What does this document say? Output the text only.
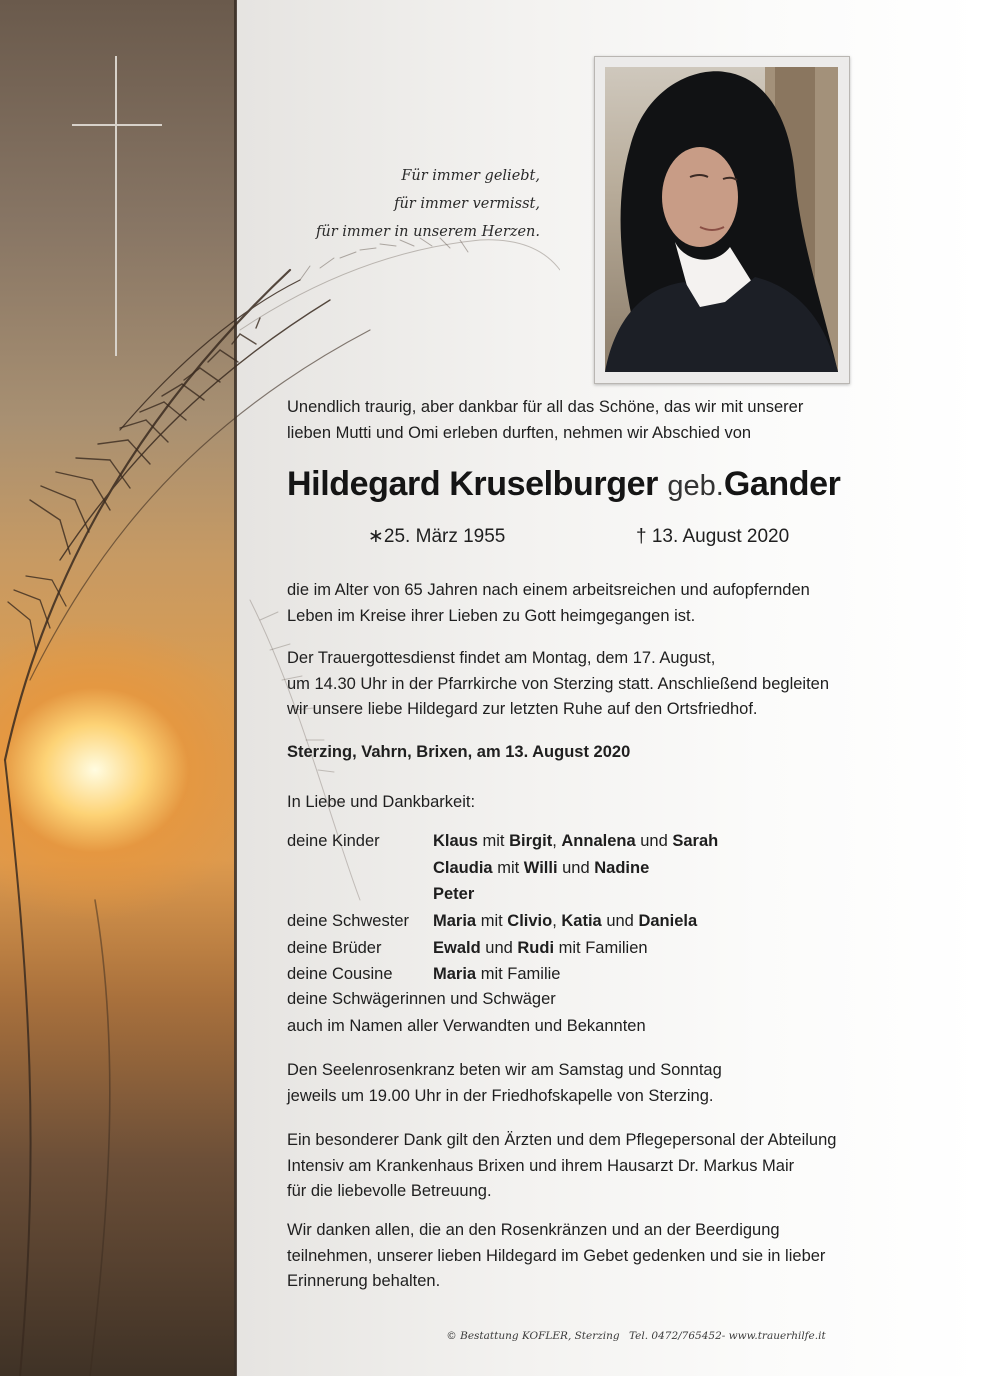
Für immer geliebt,
für immer vermisst,
für immer in unserem Herzen.
Unendlich traurig, aber dankbar für all das Schöne, das wir mit unserer
lieben Mutti und Omi erleben durften, nehmen wir Abschied von
Hildegard Kruselburger geb.Gander
∗25. März 1955	† 13. August 2020
die im Alter von 65 Jahren nach einem arbeitsreichen und aufopfernden
Leben im Kreise ihrer Lieben zu Gott heimgegangen ist.
Der Trauergottesdienst findet am Montag, dem 17. August,
um 14.30 Uhr in der Pfarrkirche von Sterzing statt. Anschließend begleiten
wir unsere liebe Hildegard zur letzten Ruhe auf den Ortsfriedhof.
Sterzing, Vahrn, Brixen, am 13. August 2020
In Liebe und Dankbarkeit:
deine Kinder	Klaus mit Birgit, Annalena und Sarah
Claudia mit Willi und Nadine
Peter
deine Schwester Maria mit Clivio, Katia und Daniela
deine Brüder	Ewald und Rudi mit Familien
deine Cousine Maria mit Familie
deine Schwägerinnen und Schwäger
auch im Namen aller Verwandten und Bekannten
Den Seelenrosenkranz beten wir am Samstag und Sonntag
jeweils um 19.00 Uhr in der Friedhofskapelle von Sterzing.
Ein besonderer Dank gilt den Ärzten und dem Pflegepersonal der Abteilung
Intensiv am Krankenhaus Brixen und ihrem Hausarzt Dr. Markus Mair
für die liebevolle Betreuung.
Wir danken allen, die an den Rosenkränzen und an der Beerdigung
teilnehmen, unserer lieben Hildegard im Gebet gedenken und sie in lieber
Erinnerung behalten.
© Bestattung KOFLER, Sterzing Tel. 0472/765452- www.trauerhilfe.it
